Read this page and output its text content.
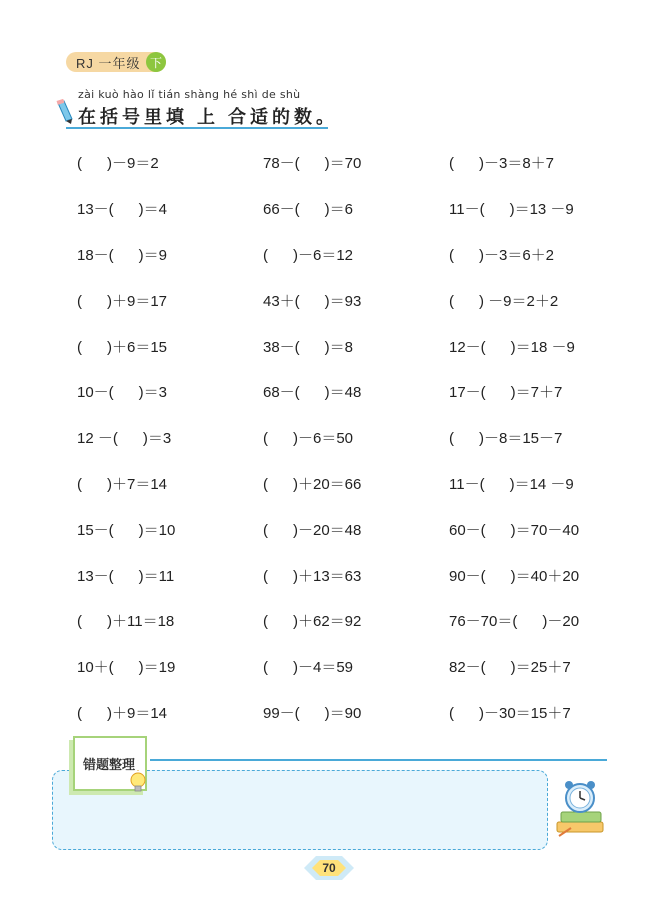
RJ 一年级 下
zài kuò hào lǐ tián shàng hé shì de shù
在括号里填 上 合适的数。
(      )－9＝2	78－(      )＝70	(      )－3＝8＋7
13－(      )＝4	66－(      )＝6	11－(      )＝13 －9
18－(      )＝9	(      )－6＝12	(      )－3＝6＋2
(      )＋9＝17	43＋(      )＝93	(      ) －9＝2＋2
(      )＋6＝15	38－(      )＝8	12－(      )＝18 －9
10－(      )＝3	68－(      )＝48	17－(      )＝7＋7
12 －(      )＝3	(      )－6＝50	(      )－8＝15－7
(      )＋7＝14	(      )＋20＝66	11－(      )＝14 －9
15－(      )＝10	(      )－20＝48	60－(      )＝70－40
13－(      )＝11	(      )＋13＝63	90－(      )＝40＋20
(      )＋11＝18	(      )＋62＝92	76－70＝(      )－20
10＋(      )＝19	(      )－4＝59	82－(      )＝25＋7
(      )＋9＝14	99－(      )＝90	(      )－30＝15＋7
错题整理
70
